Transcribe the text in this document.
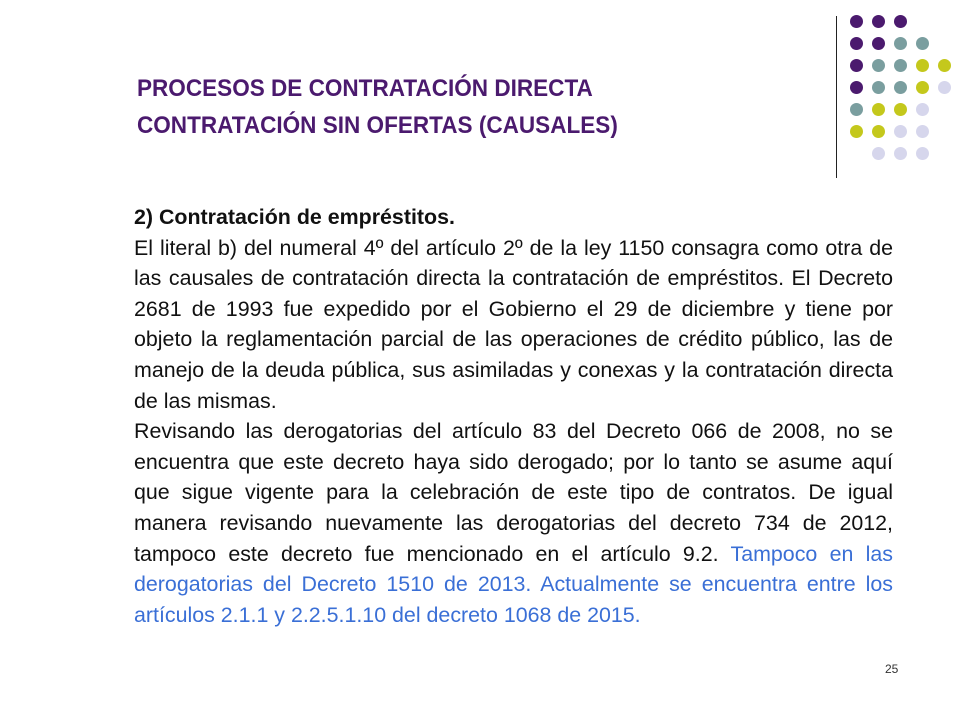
PROCESOS DE CONTRATACIÓN DIRECTA
CONTRATACIÓN SIN OFERTAS (CAUSALES)

2) Contratación de empréstitos.

El literal b) del numeral 4º del artículo 2º de la ley 1150 consagra como otra de las causales de contratación directa la contratación de empréstitos. El Decreto 2681 de 1993 fue expedido por el Gobierno el 29 de diciembre y tiene por objeto la reglamentación parcial de las operaciones de crédito público, las de manejo de la deuda pública, sus asimiladas y conexas y la contratación directa de las mismas.

Revisando las derogatorias del artículo 83 del Decreto 066 de 2008, no se encuentra que este decreto haya sido derogado; por lo tanto se asume aquí que sigue vigente para la celebración de este tipo de contratos. De igual manera revisando nuevamente las derogatorias del decreto 734 de 2012, tampoco este decreto fue mencionado en el artículo 9.2. Tampoco en las derogatorias del Decreto 1510 de 2013. Actualmente se encuentra entre los artículos 2.1.1 y 2.2.5.1.10 del decreto 1068 de 2015.

25
